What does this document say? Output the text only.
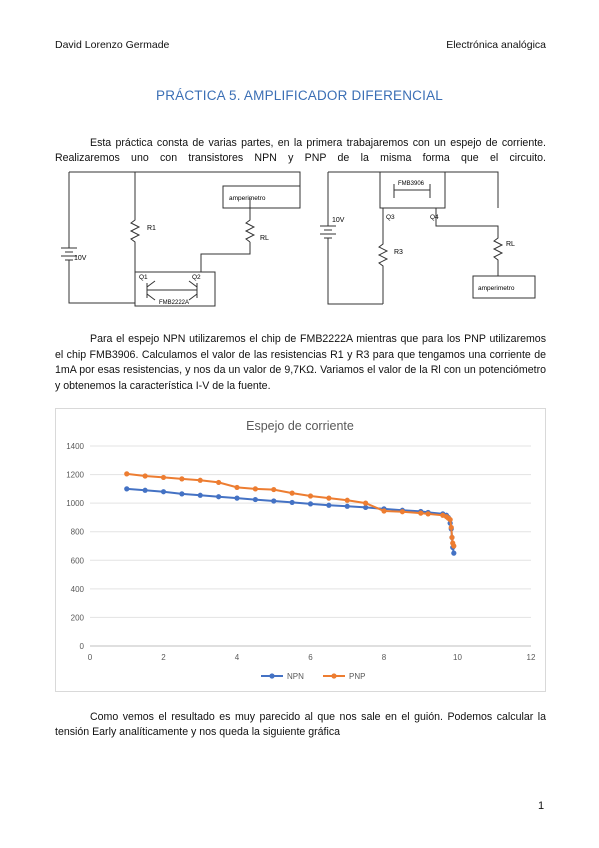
David Lorenzo Germade	Electrónica analógica
PRÁCTICA 5. AMPLIFICADOR DIFERENCIAL
Esta práctica consta de varias partes, en la primera trabajaremos con un espejo de corriente.
Realizaremos uno con transistores NPN y PNP de la misma forma que el circuito.
10V
R1
RL
amperimetro
Q1	Q2
FMB2222A
10V
R3
RL
amperimetro
Q3	Q4
FMB3906
Para el espejo NPN utilizaremos el chip de FMB2222A mientras que para los PNP utilizaremos el chip FMB3906. Calculamos el valor de las resistencias R1 y R3 para que tengamos una corriente de 1mA por esas resistencias, y nos da un valor de 9,7KΩ. Variamos el valor de la Rl con un potenciómetro y obtenemos la característica I-V de la fuente.
Espejo de corriente
0
200
400
600
800
1000
1200
1400
0	2	4	6	8	10	12
NPN	PNP
Como vemos el resultado es muy parecido al que nos sale en el guión. Podemos calcular la
tensión Early analíticamente y nos queda la siguiente gráfica
1
